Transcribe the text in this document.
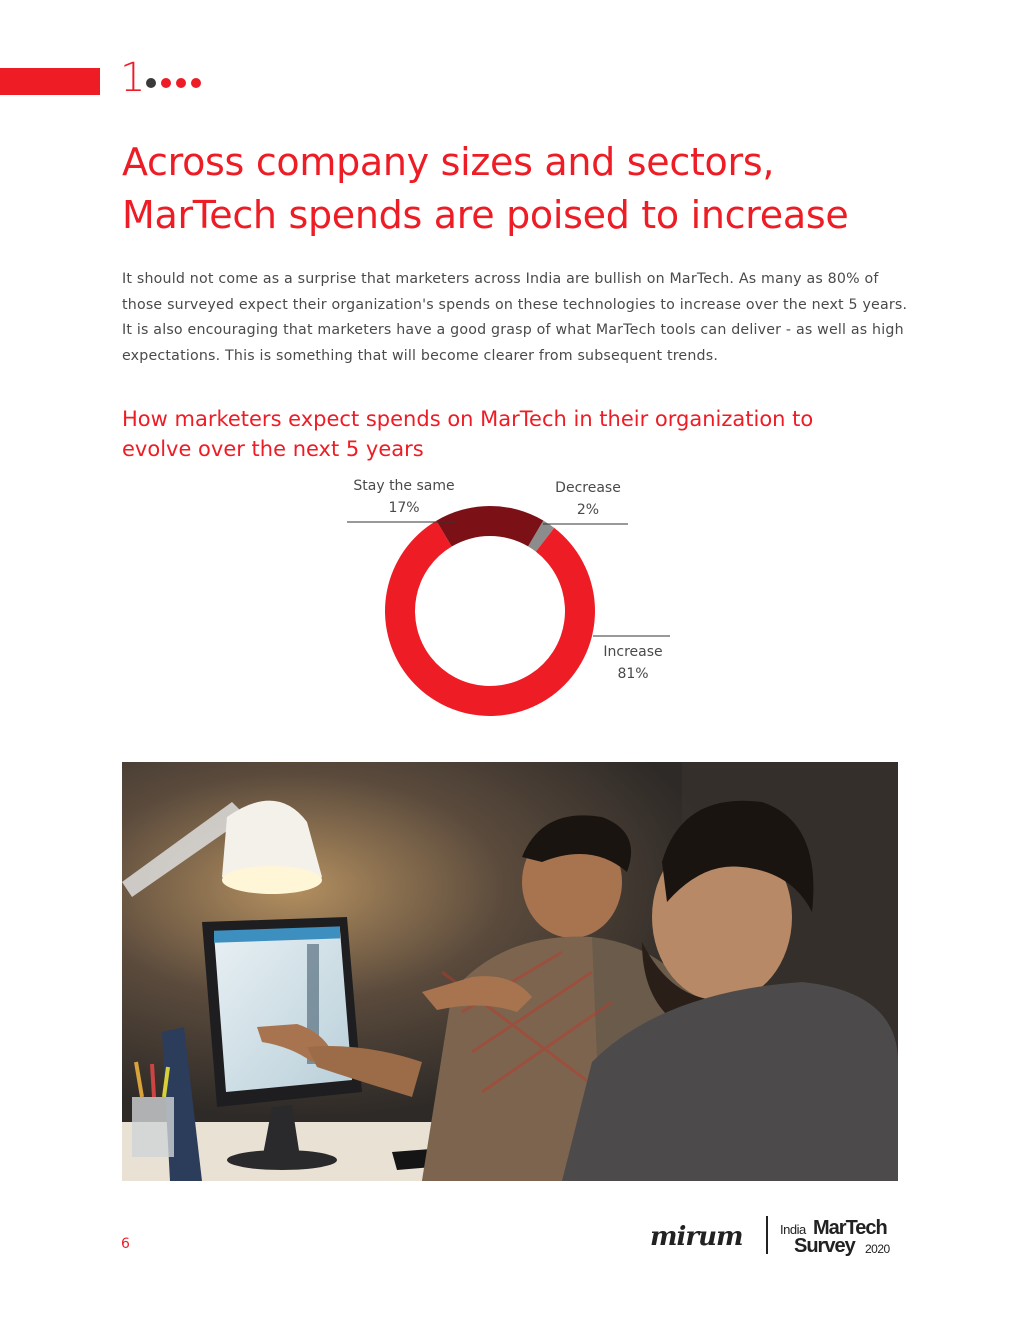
1
Across company sizes and sectors, MarTech spends are poised to increase

It should not come as a surprise that marketers across India are bullish on MarTech. As many as 80% of those surveyed expect their organization's spends on these technologies to increase over the next 5 years. It is also encouraging that marketers have a good grasp of what MarTech tools can deliver - as well as high expectations. This is something that will become clearer from subsequent trends.

How marketers expect spends on MarTech in their organization to evolve over the next 5 years
Stay the same
17%
Decrease
2%
Increase
81%
6	mirum	India MarTech
Survey 2020
